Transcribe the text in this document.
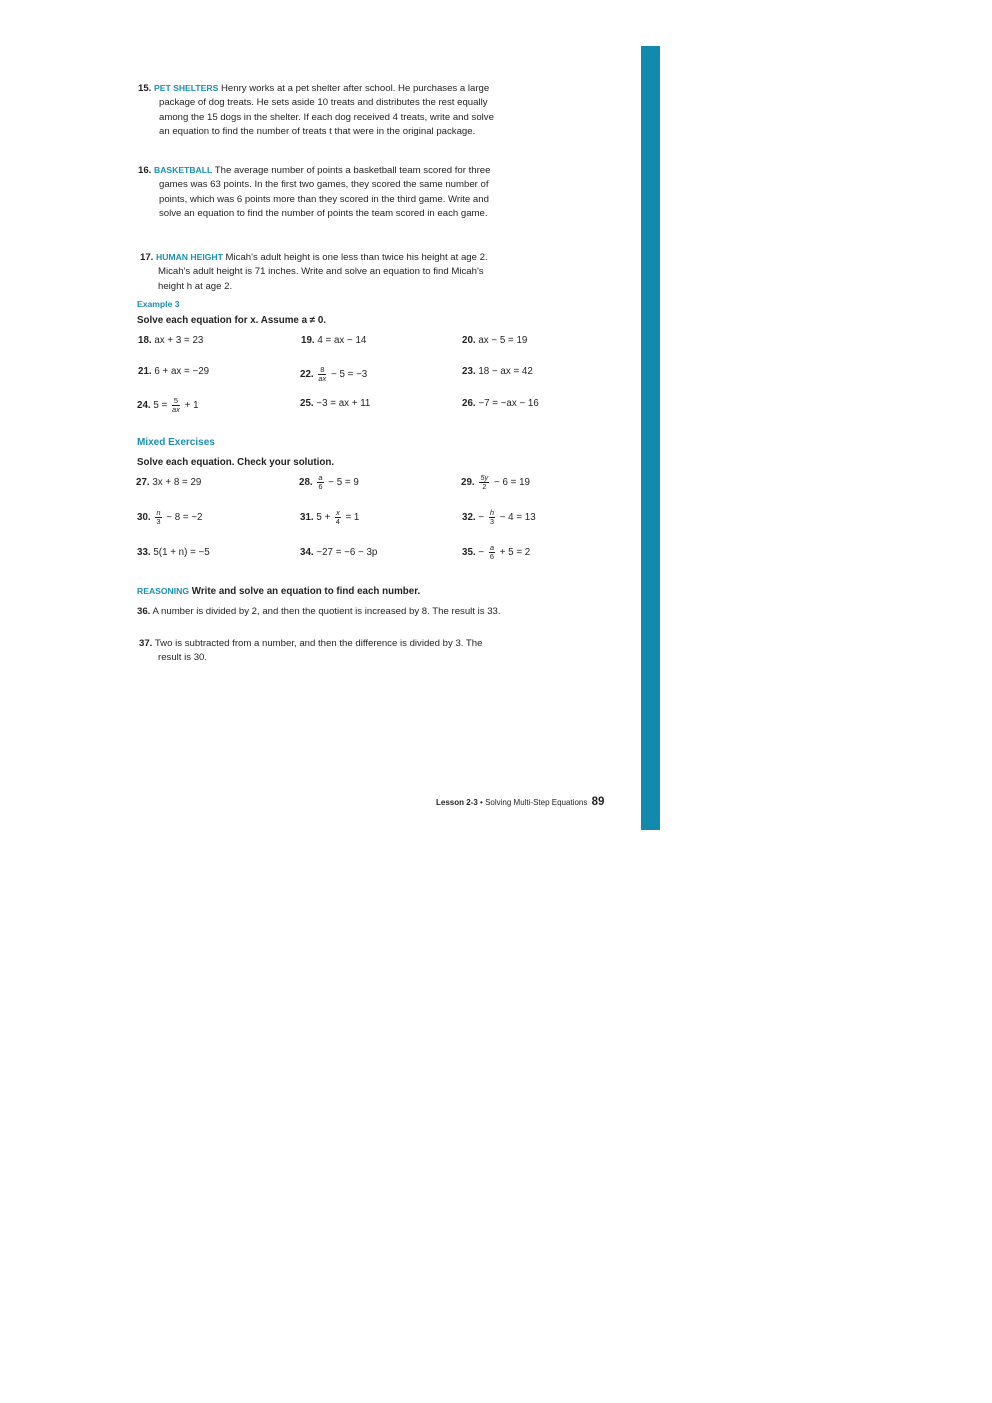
15. PET SHELTERS Henry works at a pet shelter after school. He purchases a large
package of dog treats. He sets aside 10 treats and distributes the rest equally
among the 15 dogs in the shelter. If each dog received 4 treats, write and solve
an equation to find the number of treats t that were in the original package.
16. BASKETBALL The average number of points a basketball team scored for three
games was 63 points. In the first two games, they scored the same number of
points, which was 6 points more than they scored in the third game. Write and
solve an equation to find the number of points the team scored in each game.
17. HUMAN HEIGHT Micah's adult height is one less than twice his height at age 2.
Micah's adult height is 71 inches. Write and solve an equation to find Micah's
height h at age 2.
Example 3
Solve each equation for x. Assume a ≠ 0.
18. ax + 3 = 23	19. 4 = ax − 14	20. ax − 5 = 19
21. 6 + ax = −29	22. $\frac{8}{ax} - 5 = -3$	23. 18 − ax = 42
24. $5 = \frac{5}{ax} + 1$	25. −3 = ax + 11	26. −7 = −ax − 16
Mixed Exercises
Solve each equation. Check your solution.
27. 3x + 8 = 29	28. $\frac{a}{6} - 5 = 9$	29. $\frac{5y}{2} - 6 = 19$
30. $\frac{n}{3} - 8 = -2$	31. $5 + \frac{x}{4} = 1$	32. − $\frac{h}{3} - 4 = 13$
33. 5(1 + n) = −5	34. −27 = −6 − 3p	35. − $\frac{a}{6} + 5 = 2$
REASONING Write and solve an equation to find each number.
36. A number is divided by 2, and then the quotient is increased by 8. The result is 33.
37. Two is subtracted from a number, and then the difference is divided by 3. The
result is 30.
Lesson 2-3 • Solving Multi-Step Equations 89
